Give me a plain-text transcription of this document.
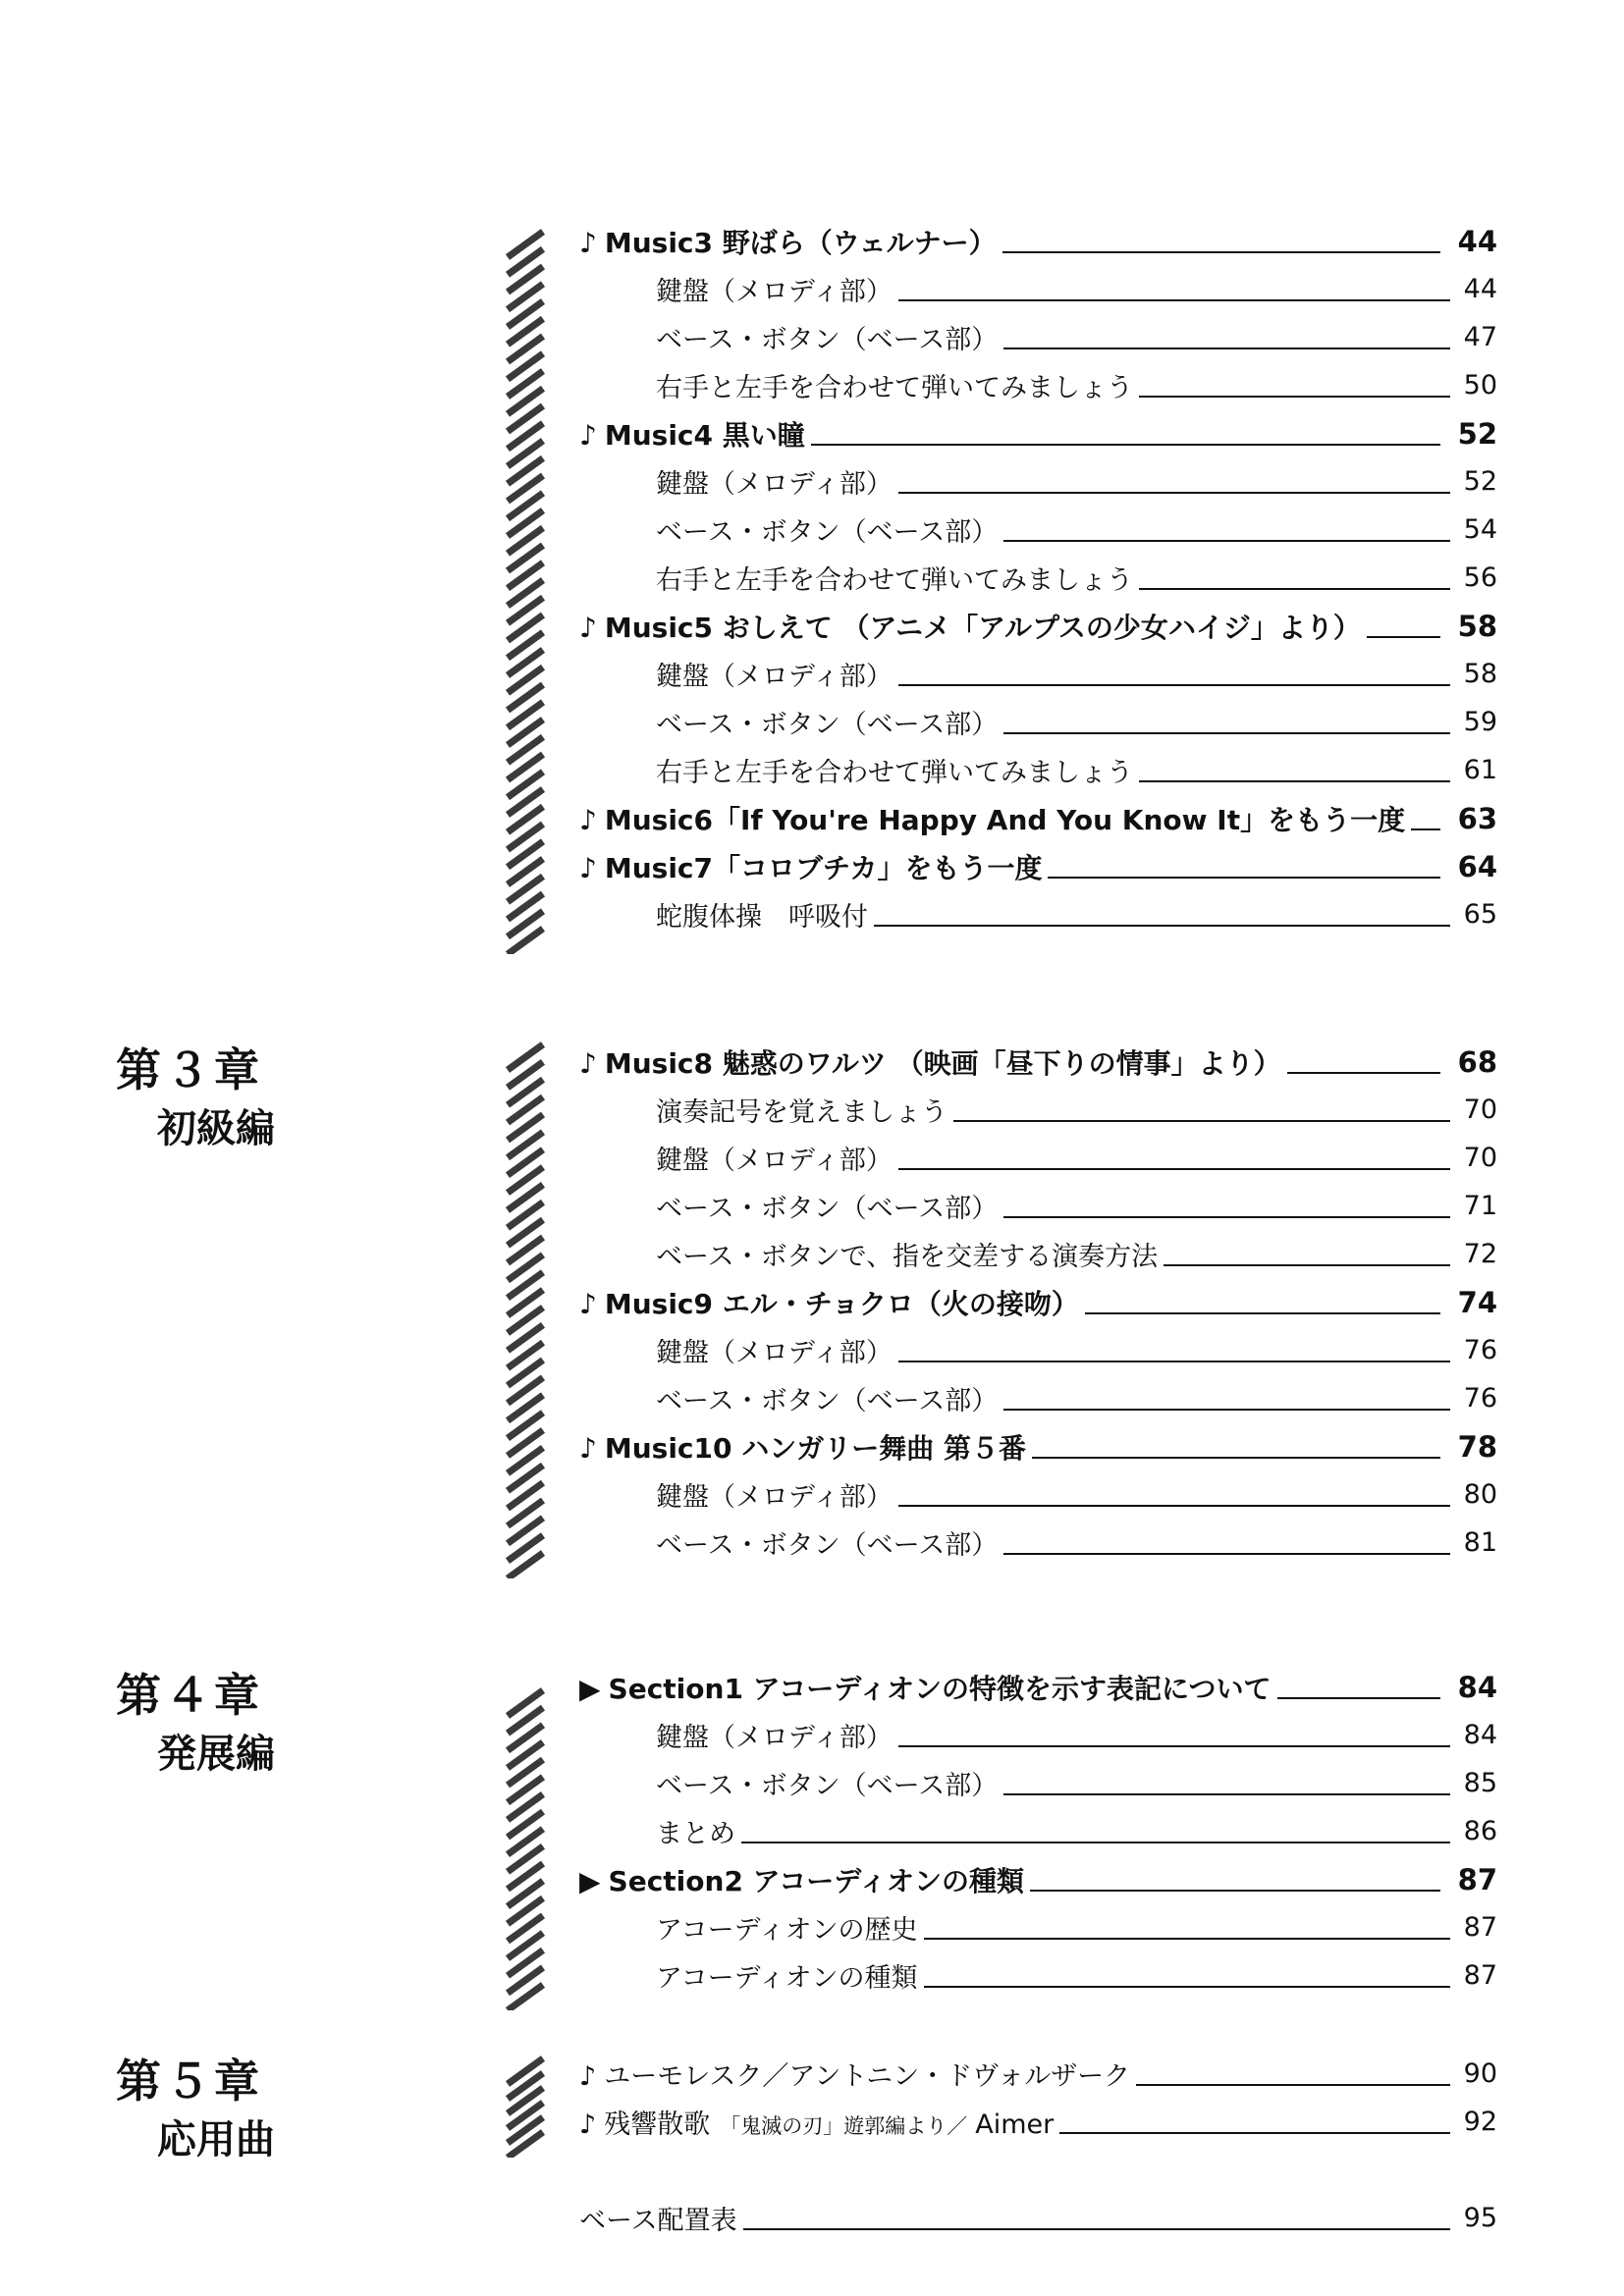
第３章
初級編
第４章
発展編
第５章
応用曲
♪ Music3 野ばら（ウェルナー）	44
鍵盤（メロディ部）	44
ベース・ボタン（ベース部）	47
右手と左手を合わせて弾いてみましょう	50
♪ Music4 黒い瞳	52
鍵盤（メロディ部）	52
ベース・ボタン（ベース部）	54
右手と左手を合わせて弾いてみましょう	56
♪ Music5 おしえて （アニメ「アルプスの少女ハイジ」より）	58
鍵盤（メロディ部）	58
ベース・ボタン（ベース部）	59
右手と左手を合わせて弾いてみましょう	61
♪ Music6「If You're Happy And You Know It」をもう一度 63
♪ Music7「コロブチカ」をもう一度	64
蛇腹体操　呼吸付	65
♪ Music8 魅惑のワルツ （映画「昼下りの情事」より）	68
演奏記号を覚えましょう	70
鍵盤（メロディ部）	70
ベース・ボタン（ベース部）	71
ベース・ボタンで、指を交差する演奏方法	72
♪ Music9 エル・チョクロ（火の接吻）	74
鍵盤（メロディ部）	76
ベース・ボタン（ベース部）	76
♪ Music10 ハンガリー舞曲 第５番	78
鍵盤（メロディ部）	80
ベース・ボタン（ベース部）	81
▶ Section1 アコーディオンの特徴を示す表記について	84
鍵盤（メロディ部）	84
ベース・ボタン（ベース部）	85
まとめ	86
▶ Section2 アコーディオンの種類	87
アコーディオンの歴史	87
アコーディオンの種類	87
♪ ユーモレスク／アントニン・ドヴォルザーク	90
♪ 残響散歌 「鬼滅の刃」遊郭編より／ Aimer	92
ベース配置表	95
